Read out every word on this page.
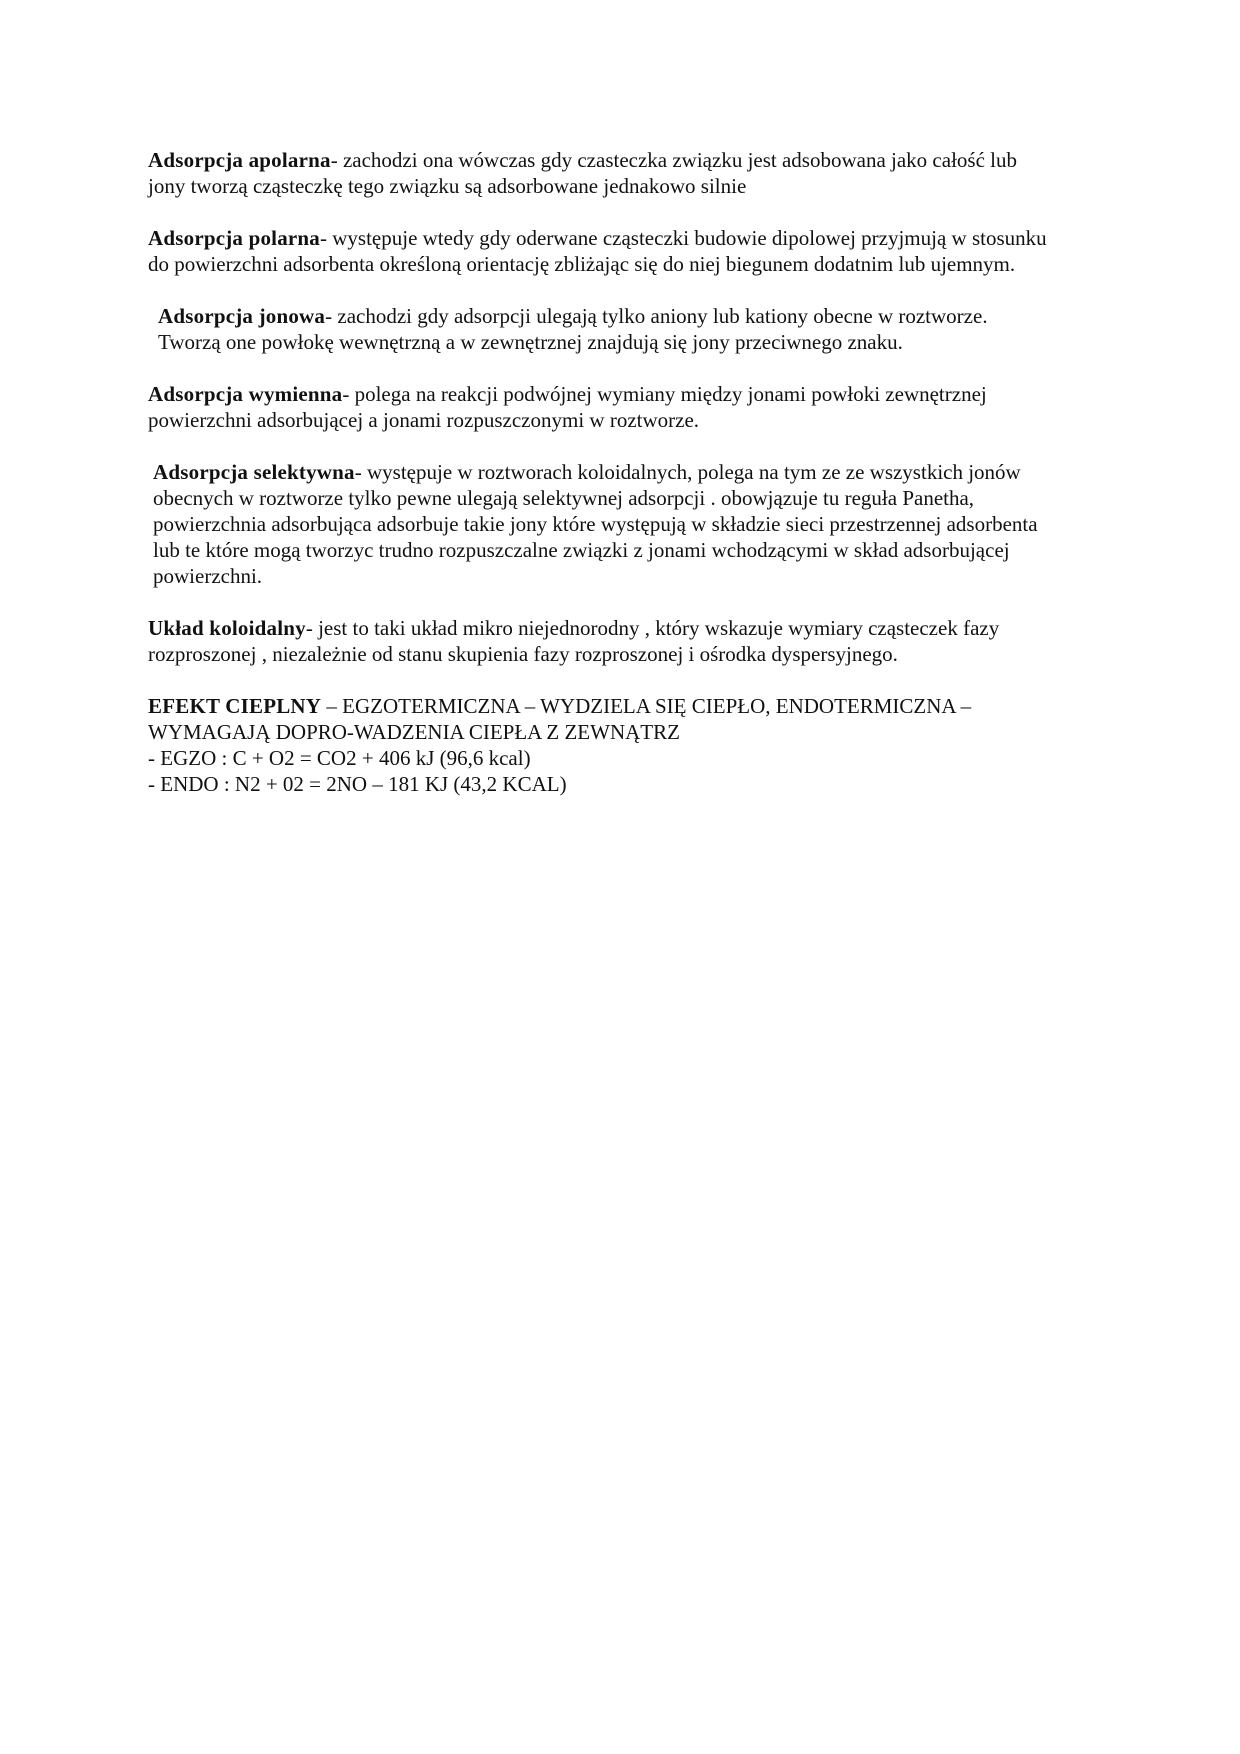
Adsorpcja apolarna- zachodzi ona wówczas gdy czasteczka związku jest adsobowana jako całość lub jony tworzą cząsteczkę tego związku są adsorbowane jednakowo silnie

Adsorpcja polarna- występuje wtedy gdy oderwane cząsteczki budowie dipolowej przyjmują w stosunku do powierzchni adsorbenta określoną orientację zbliżając się do niej biegunem dodatnim lub ujemnym.

Adsorpcja jonowa- zachodzi gdy adsorpcji ulegają tylko aniony lub kationy obecne w roztworze. Tworzą one powłokę wewnętrzną a w zewnętrznej znajdują się jony przeciwnego znaku.

Adsorpcja wymienna- polega na reakcji podwójnej wymiany między jonami powłoki zewnętrznej powierzchni adsorbującej a jonami rozpuszczonymi w roztworze.

Adsorpcja selektywna- występuje w roztworach koloidalnych, polega na tym ze ze wszystkich jonów obecnych w roztworze tylko pewne ulegają selektywnej adsorpcji . obowjązuje tu reguła Panetha, powierzchnia adsorbująca adsorbuje takie jony które występują w składzie sieci przestrzennej adsorbenta lub te które mogą tworzyc trudno rozpuszczalne związki z jonami wchodzącymi w skład adsorbującej powierzchni.

Układ koloidalny- jest to taki układ mikro niejednorodny , który wskazuje wymiary cząsteczek fazy rozproszonej , niezależnie od stanu skupienia fazy rozproszonej i ośrodka dyspersyjnego.

EFEKT CIEPLNY – EGZOTERMICZNA – WYDZIELA SIĘ CIEPŁO, ENDOTERMICZNA – WYMAGAJĄ DOPRO-WADZENIA CIEPŁA Z ZEWNĄTRZ
- EGZO : C + O2 = CO2 + 406 kJ (96,6 kcal)
- ENDO : N2 + 02 = 2NO – 181 KJ (43,2 KCAL)
